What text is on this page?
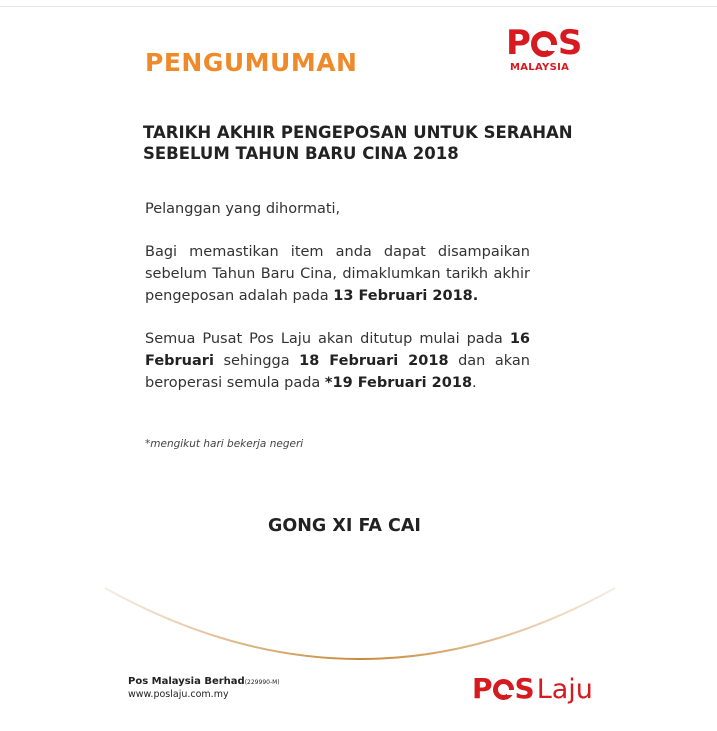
PENGUMUMAN	P S
MALAYSIA
TARIKH AKHIR PENGEPOSAN UNTUK SERAHAN
SEBELUM TAHUN BARU CINA 2018

Pelanggan yang dihormati,

Bagi memastikan item anda dapat disampaikan sebelum Tahun Baru Cina, dimaklumkan tarikh akhir pengeposan adalah pada 13 Februari 2018.

Semua Pusat Pos Laju akan ditutup mulai pada 16 Februari sehingga 18 Februari 2018 dan akan beroperasi semula pada *19 Februari 2018.

*mengikut hari bekerja negeri
GONG XI FA CAI
Pos Malaysia Berhad(229990-M)
www.poslaju.com.my	P S Laju
